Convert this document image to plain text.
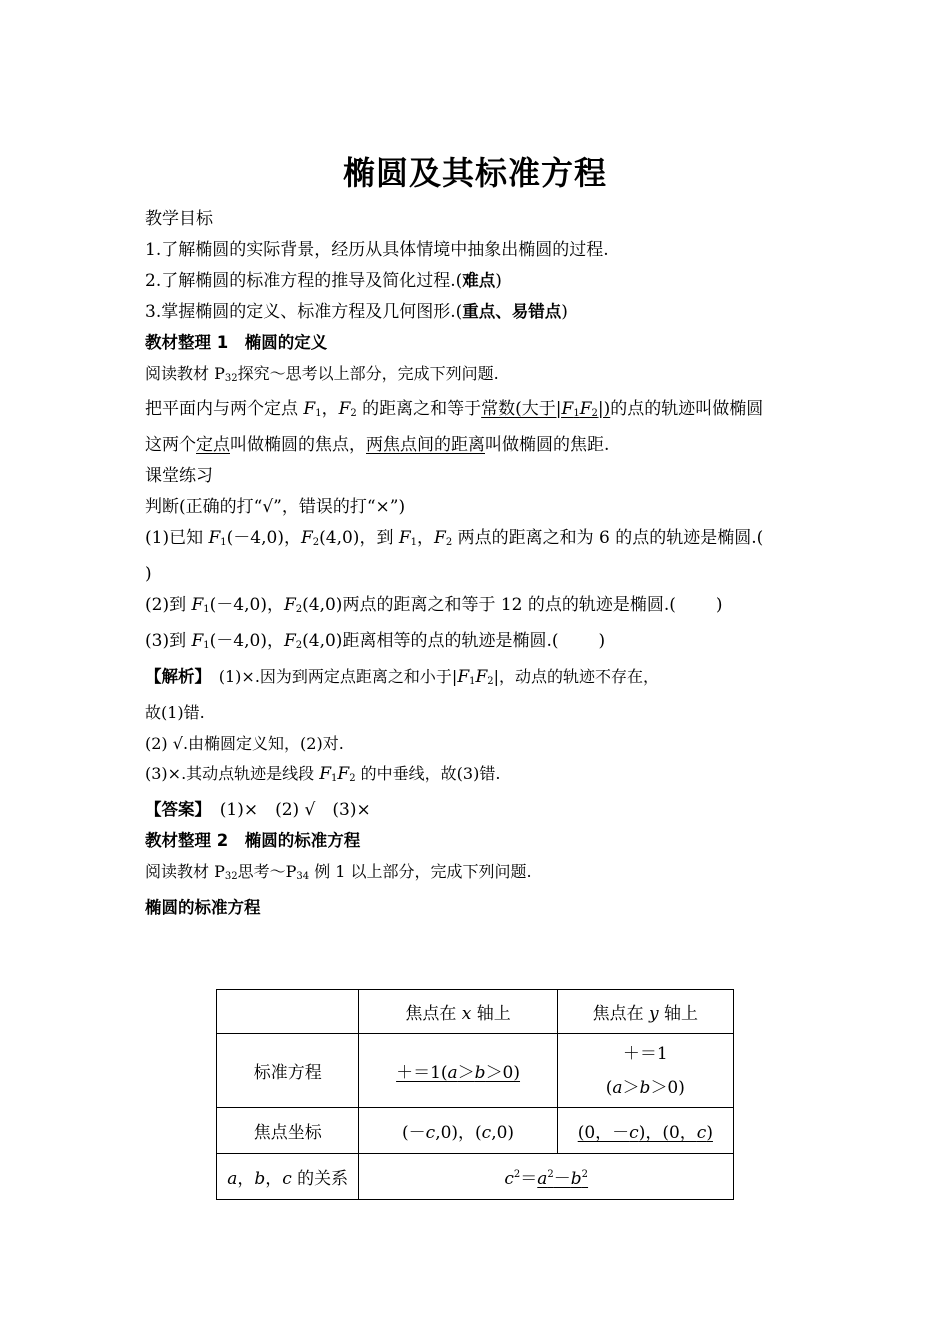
椭圆及其标准方程

教学目标

1.了解椭圆的实际背景，经历从具体情境中抽象出椭圆的过程.

2.了解椭圆的标准方程的推导及简化过程.(难点)

3.掌握椭圆的定义、标准方程及几何图形.(重点、易错点)

教材整理 1　椭圆的定义

阅读教材 $P_{32}$探究～思考以上部分，完成下列问题.

把平面内与两个定点 $F_1$，$F_2$ 的距离之和等于常数(大于$|F_1F_2|$)的点的轨迹叫做椭圆

这两个定点叫做椭圆的焦点，两焦点间的距离叫做椭圆的焦距.

课堂练习

判断(正确的打“√”，错误的打“×”)

(1)已知 $F_1(-4,0)$，$F_2(4,0)$，到 $F_1$，$F_2$ 两点的距离之和为 6 的点的轨迹是椭圆.(

)

(2)到 $F_1(-4,0)$，$F_2(4,0)$两点的距离之和等于 12 的点的轨迹是椭圆.( )

(3)到 $F_1(-4,0)$，$F_2(4,0)$距离相等的点的轨迹是椭圆.( )

【解析】　(1)×.因为到两定点距离之和小于$|F_1F_2|$，动点的轨迹不存在，

故(1)错.

(2) √.由椭圆定义知，(2)对.

(3)×.其动点轨迹是线段 $F_1F_2$ 的中垂线，故(3)错.

【答案】　(1)×　(2) √　(3)×

教材整理 2　椭圆的标准方程

阅读教材 $P_{32}$思考$\sim P_{34}$ 例 1 以上部分，完成下列问题.

椭圆的标准方程

	焦点在 x 轴上	焦点在 y 轴上
标准方程	＋＝1(a＞b＞0)	＋＝1
(a＞b＞0)

焦点坐标	(－c,0)，(c,0)	(0，－c)，(0，c)
a，b，c 的关系	$c^2=a^2-b^2$
